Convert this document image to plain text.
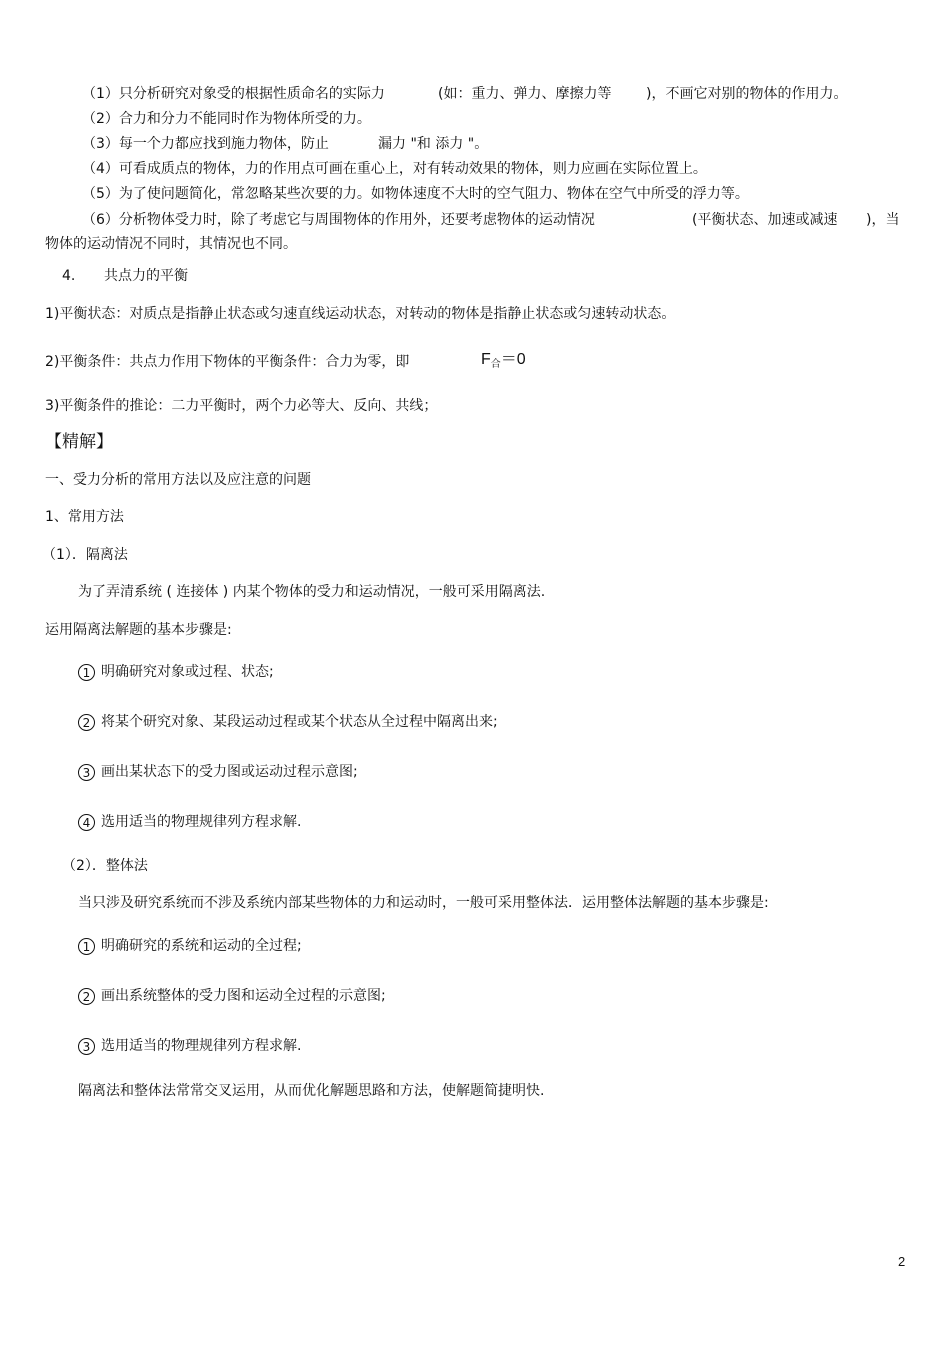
（1）只分析研究对象受的根据性质命名的实际力	(如：重力、弹力、摩擦力等 )，不画它对别的物体的作用力。
（2）合力和分力不能同时作为物体所受的力。
（3）每一个力都应找到施力物体，防止	漏力 "和 添力 "。
（4）可看成质点的物体，力的作用点可画在重心上，对有转动效果的物体，则力应画在实际位置上。
（5）为了使问题简化，常忽略某些次要的力。如物体速度不大时的空气阻力、物体在空气中所受的浮力等。
（6）分析物体受力时，除了考虑它与周围物体的作用外，还要考虑物体的运动情况	(平衡状态、加速或减速 )，当
物体的运动情况不同时，其情况也不同。
4. 共点力的平衡
1)平衡状态：对质点是指静止状态或匀速直线运动状态，对转动的物体是指静止状态或匀速转动状态。
2)平衡条件：共点力作用下物体的平衡条件：合力为零，即	$F_合=0$
3)平衡条件的推论：二力平衡时，两个力必等大、反向、共线；
【精解】
一、受力分析的常用方法以及应注意的问题
1、常用方法
（1）．隔离法
为了弄清系统 ( 连接体 ) 内某个物体的受力和运动情况，一般可采用隔离法.
运用隔离法解题的基本步骤是:
1 明确研究对象或过程、状态;
2 将某个研究对象、某段运动过程或某个状态从全过程中隔离出来;
3 画出某状态下的受力图或运动过程示意图;
4 选用适当的物理规律列方程求解.
（2）．整体法
当只涉及研究系统而不涉及系统内部某些物体的力和运动时，一般可采用整体法．运用整体法解题的基本步骤是:
1 明确研究的系统和运动的全过程;
2 画出系统整体的受力图和运动全过程的示意图;
3 选用适当的物理规律列方程求解.
隔离法和整体法常常交叉运用，从而优化解题思路和方法，使解题简捷明快.
2
